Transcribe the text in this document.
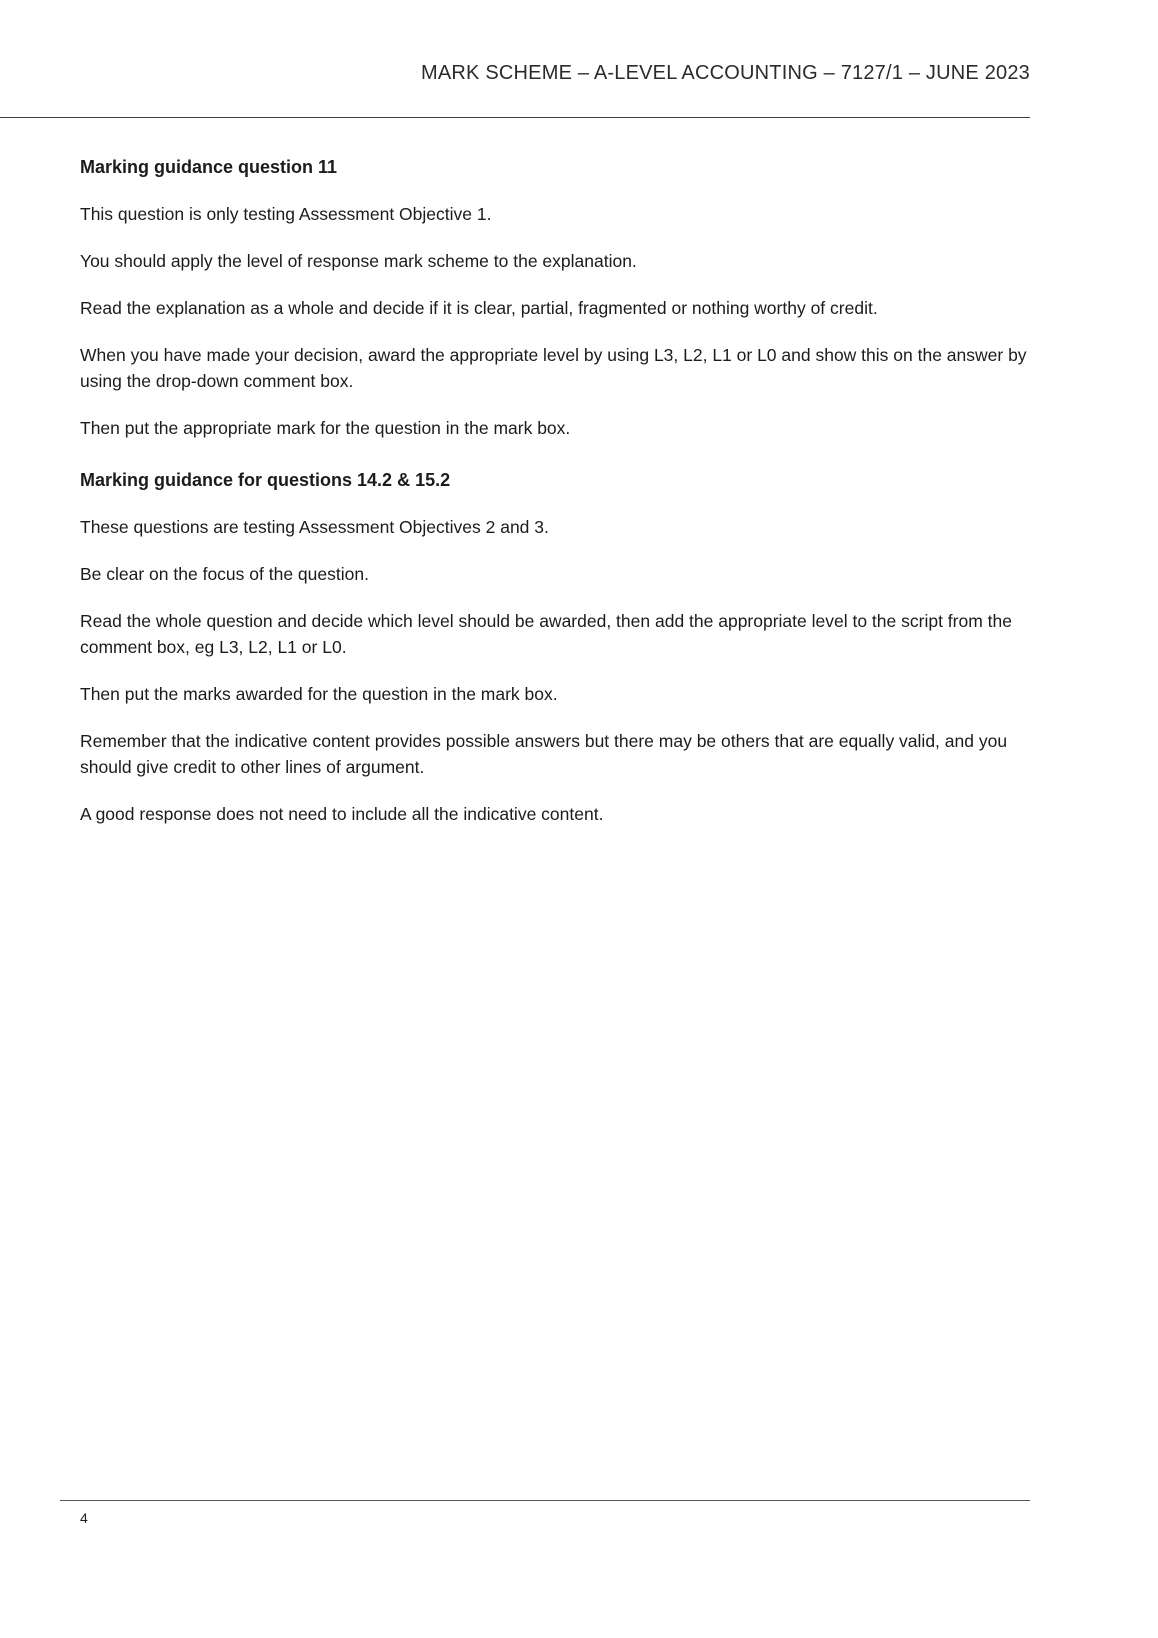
MARK SCHEME – A-LEVEL ACCOUNTING – 7127/1 – JUNE 2023
Marking guidance question 11

This question is only testing Assessment Objective 1.

You should apply the level of response mark scheme to the explanation.

Read the explanation as a whole and decide if it is clear, partial, fragmented or nothing worthy of credit.

When you have made your decision, award the appropriate level by using L3, L2, L1 or L0 and show this on the answer by using the drop-down comment box.

Then put the appropriate mark for the question in the mark box.

Marking guidance for questions 14.2 & 15.2

These questions are testing Assessment Objectives 2 and 3.

Be clear on the focus of the question.

Read the whole question and decide which level should be awarded, then add the appropriate level to the script from the comment box, eg L3, L2, L1 or L0.

Then put the marks awarded for the question in the mark box.

Remember that the indicative content provides possible answers but there may be others that are equally valid, and you should give credit to other lines of argument.

A good response does not need to include all the indicative content.

4
